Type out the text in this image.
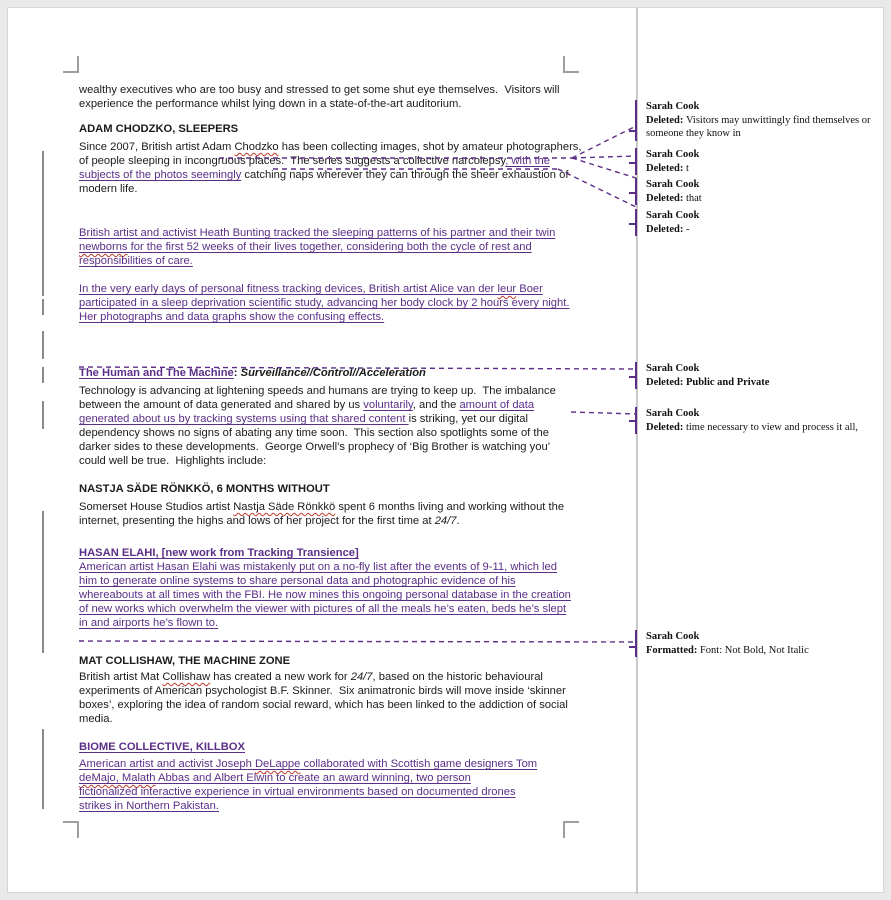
wealthy executives who are too busy and stressed to get some shut eye themselves.  Visitors will
experience the performance whilst lying down in a state-of-the-art auditorium.
ADAM CHODZKO, SLEEPERS
Since 2007, British artist Adam Chodzko has been collecting images, shot by amateur photographers,
of people sleeping in incongruous places.  The series suggests a collective narcolepsy, with the
subjects of the photos seemingly catching naps wherever they can through the sheer exhaustion of
modern life.
British artist and activist Heath Bunting tracked the sleeping patterns of his partner and their twin
newborns for the first 52 weeks of their lives together, considering both the cycle of rest and
responsibilities of care.
In the very early days of personal fitness tracking devices, British artist Alice van der leur Boer
participated in a sleep deprivation scientific study, advancing her body clock by 2 hours every night.
Her photographs and data graphs show the confusing effects.
The Human and The Machine: Surveillance//Control//Acceleration
Technology is advancing at lightening speeds and humans are trying to keep up.  The imbalance
between the amount of data generated and shared by us voluntarily, and the amount of data
generated about us by tracking systems using that shared content is striking, yet our digital
dependency shows no signs of abating any time soon.  This section also spotlights some of the
darker sides to these developments.  George Orwell’s prophecy of ‘Big Brother is watching you’
could well be true.  Highlights include:
NASTJA SÄDE RÖNKKÖ, 6 MONTHS WITHOUT
Somerset House Studios artist Nastja Säde Rönkkö spent 6 months living and working without the
internet, presenting the highs and lows of her project for the first time at 24/7.
HASAN ELAHI, [new work from Tracking Transience]
American artist Hasan Elahi was mistakenly put on a no-fly list after the events of 9-11, which led
him to generate online systems to share personal data and photographic evidence of his
whereabouts at all times with the FBI. He now mines this ongoing personal database in the creation
of new works which overwhelm the viewer with pictures of all the meals he’s eaten, beds he’s slept
in and airports he’s flown to.
MAT COLLISHAW, THE MACHINE ZONE
British artist Mat Collishaw has created a new work for 24/7, based on the historic behavioural
experiments of American psychologist B.F. Skinner.  Six animatronic birds will move inside ‘skinner
boxes’, exploring the idea of random social reward, which has been linked to the addiction of social
media.
BIOME COLLECTIVE, KILLBOX
American artist and activist Joseph DeLappe collaborated with Scottish game designers Tom
deMajo, Malath Abbas and Albert Elwin to create an award winning, two person
fictionalized interactive experience in virtual environments based on documented drones
strikes in Northern Pakistan.
Sarah Cook
Deleted: Visitors may unwittingly find themselves or someone they know in
Sarah Cook
Deleted: t
Sarah Cook
Deleted: that
Sarah Cook
Deleted: -
Sarah Cook
Deleted: Public and Private
Sarah Cook
Deleted: time necessary to view and process it all,
Sarah Cook
Formatted: Font: Not Bold, Not Italic
